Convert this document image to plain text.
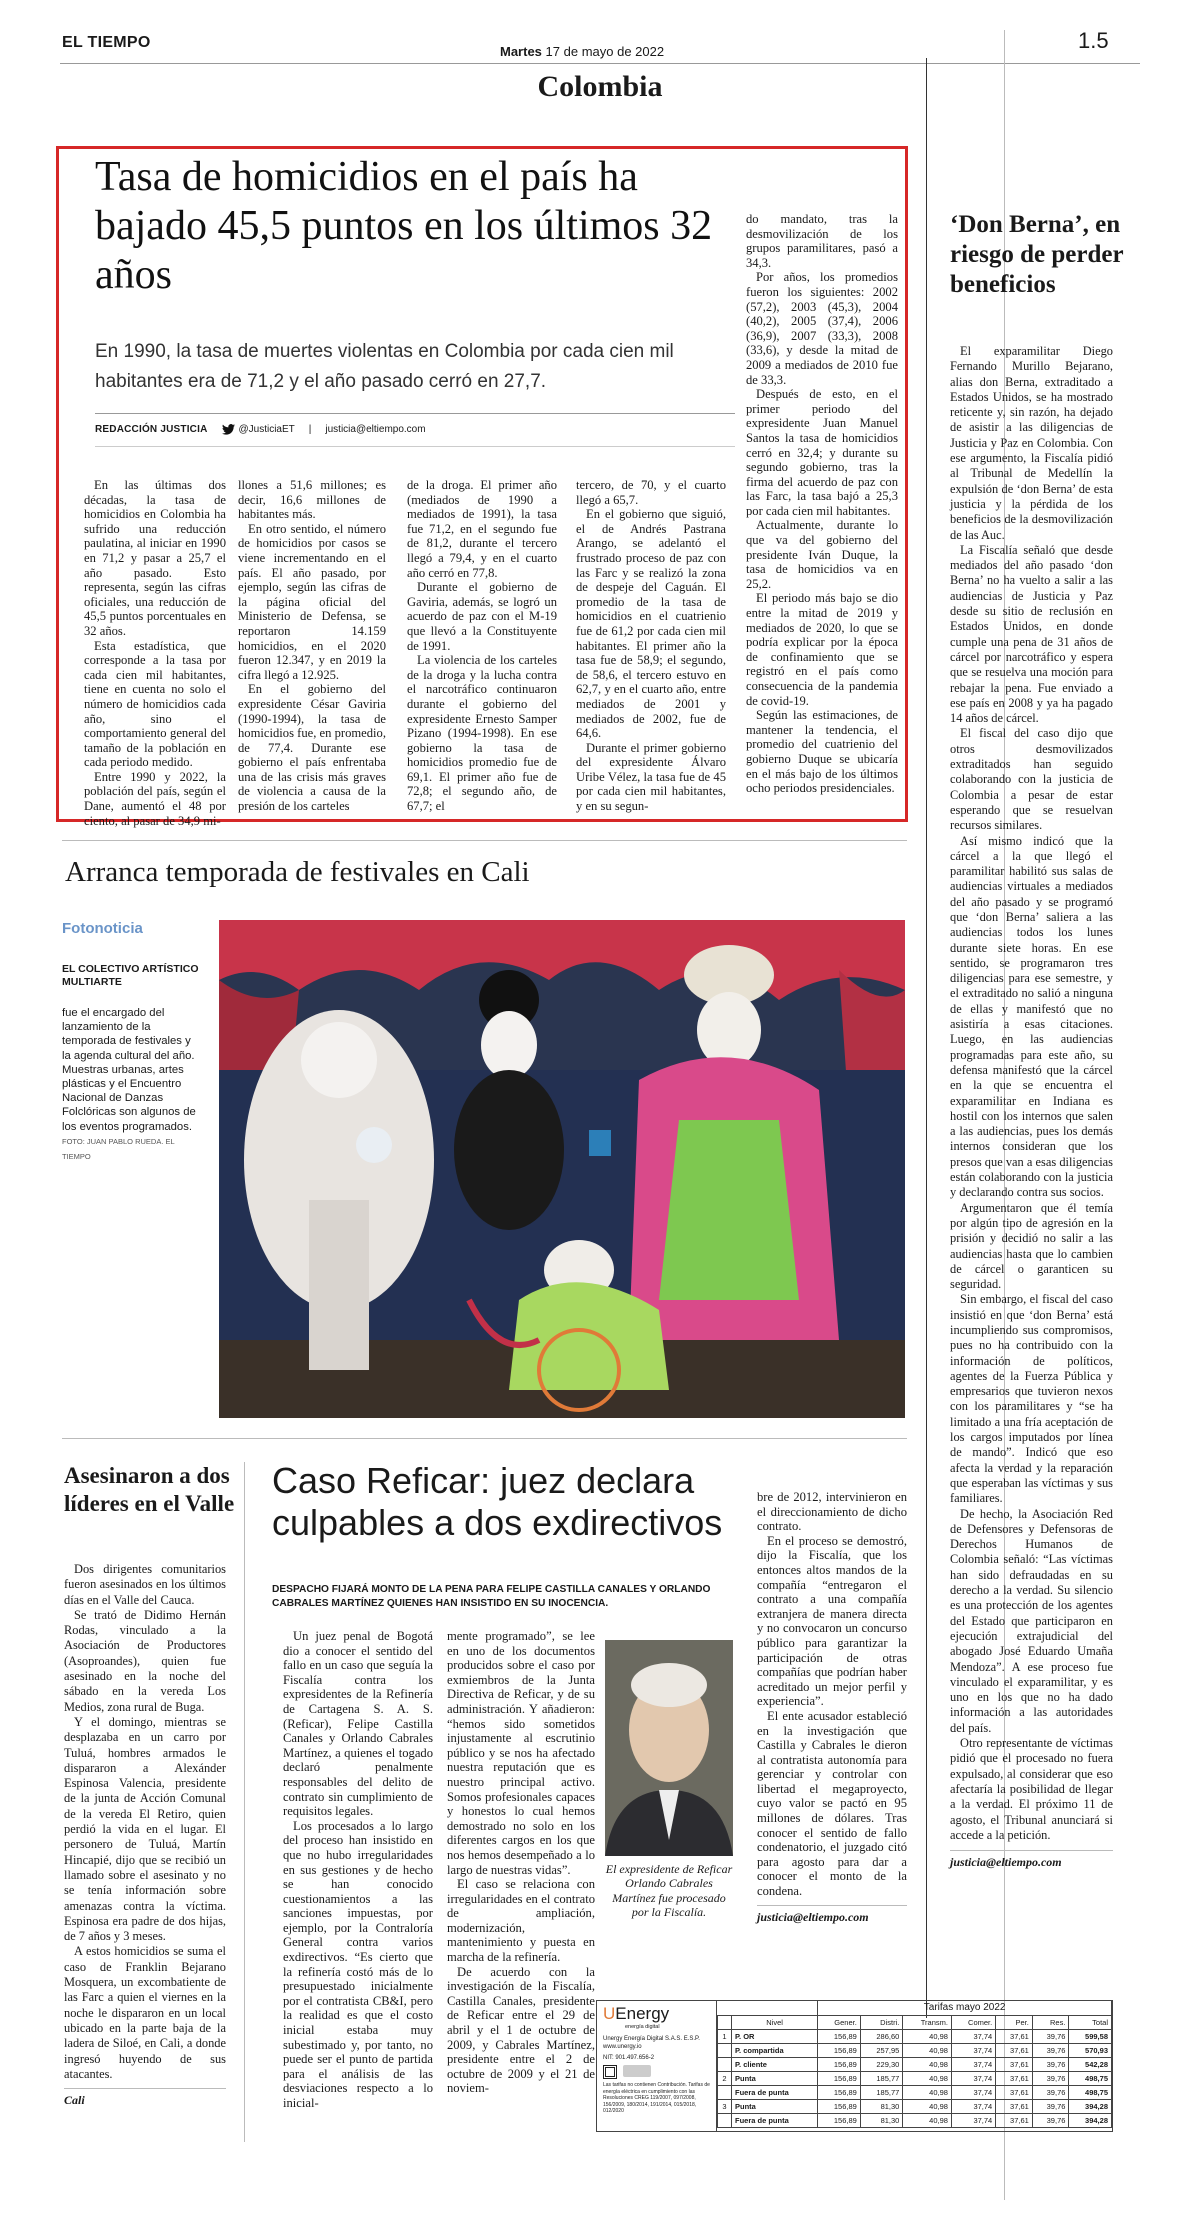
EL TIEMPO
Martes 17 de mayo de 2022
Colombia
1.5
Tasa de homicidios en el país ha bajado 45,5 puntos en los últimos 32 años
En 1990, la tasa de muertes violentas en Colombia por cada cien mil habitantes era de 71,2 y el año pasado cerró en 27,7.
REDACCIÓN JUSTICIA	@JusticiaET | justicia@eltiempo.com

En las últimas dos décadas, la tasa de homicidios en Colombia ha sufrido una reducción paulatina, al iniciar en 1990 en 71,2 y pasar a 25,7 el año pasado. Esto representa, según las cifras oficiales, una reducción de 45,5 puntos porcentuales en 32 años.

Esta estadística, que corresponde a la tasa por cada cien mil habitantes, tiene en cuenta no solo el número de homicidios cada año, sino el comportamiento general del tamaño de la población en cada periodo medido.

Entre 1990 y 2022, la población del país, según el Dane, aumentó el 48 por ciento, al pasar de 34,9 mi-

llones a 51,6 millones; es decir, 16,6 millones de habitantes más.

En otro sentido, el número de homicidios por casos se viene incrementando en el país. El año pasado, por ejemplo, según las cifras de la página oficial del Ministerio de Defensa, se reportaron 14.159 homicidios, en el 2020 fueron 12.347, y en 2019 la cifra llegó a 12.925.

En el gobierno del expresidente César Gaviria (1990-1994), la tasa de homicidios fue, en promedio, de 77,4. Durante ese gobierno el país enfrentaba una de las crisis más graves de violencia a causa de la presión de los carteles

de la droga. El primer año (mediados de 1990 a mediados de 1991), la tasa fue 71,2, en el segundo fue de 81,2, durante el tercero llegó a 79,4, y en el cuarto año cerró en 77,8.

Durante el gobierno de Gaviria, además, se logró un acuerdo de paz con el M-19 que llevó a la Constituyente de 1991.

La violencia de los carteles de la droga y la lucha contra el narcotráfico continuaron durante el gobierno del expresidente Ernesto Samper Pizano (1994-1998). En ese gobierno la tasa de homicidios promedio fue de 69,1. El primer año fue de 72,8; el segundo año, de 67,7; el

tercero, de 70, y el cuarto llegó a 65,7.

En el gobierno que siguió, el de Andrés Pastrana Arango, se adelantó el frustrado proceso de paz con las Farc y se realizó la zona de despeje del Caguán. El promedio de la tasa de homicidios en el cuatrienio fue de 61,2 por cada cien mil habitantes. El primer año la tasa fue de 58,9; el segundo, de 58,6, el tercero estuvo en 62,7, y en el cuarto año, entre mediados de 2001 y mediados de 2002, fue de 64,6.

Durante el primer gobierno del expresidente Álvaro Uribe Vélez, la tasa fue de 45 por cada cien mil habitantes, y en su segun-

do mandato, tras la desmovilización de los grupos paramilitares, pasó a 34,3.

Por años, los promedios fueron los siguientes: 2002 (57,2), 2003 (45,3), 2004 (40,2), 2005 (37,4), 2006 (36,9), 2007 (33,3), 2008 (33,6), y desde la mitad de 2009 a mediados de 2010 fue de 33,3.

Después de esto, en el primer periodo del expresidente Juan Manuel Santos la tasa de homicidios cerró en 32,4; y durante su segundo gobierno, tras la firma del acuerdo de paz con las Farc, la tasa bajó a 25,3 por cada cien mil habitantes.

Actualmente, durante lo que va del gobierno del presidente Iván Duque, la tasa de homicidios va en 25,2.

El periodo más bajo se dio entre la mitad de 2019 y mediados de 2020, lo que se podría explicar por la época de confinamiento que se registró en el país como consecuencia de la pandemia de covid-19.

Según las estimaciones, de mantener la tendencia, el promedio del cuatrienio del gobierno Duque se ubicaría en el más bajo de los últimos ocho periodos presidenciales.

‘Don Berna’, en riesgo de perder beneficios

El exparamilitar Diego Fernando Murillo Bejarano, alias don Berna, extraditado a Estados Unidos, se ha mostrado reticente y, sin razón, ha dejado de asistir a las diligencias de Justicia y Paz en Colombia. Con ese argumento, la Fiscalía pidió al Tribunal de Medellín la expulsión de ‘don Berna’ de esta justicia y la pérdida de los beneficios de la desmovilización de las Auc.

La Fiscalía señaló que desde mediados del año pasado ‘don Berna’ no ha vuelto a salir a las audiencias de Justicia y Paz desde su sitio de reclusión en Estados Unidos, en donde cumple una pena de 31 años de cárcel por narcotráfico y espera que se resuelva una moción para rebajar la pena. Fue enviado a ese país en 2008 y ya ha pagado 14 años de cárcel.

El fiscal del caso dijo que otros desmovilizados extraditados han seguido colaborando con la justicia de Colombia a pesar de estar esperando que se resuelvan recursos similares.

Así mismo indicó que la cárcel a la que llegó el paramilitar habilitó sus salas de audiencias virtuales a mediados del año pasado y se programó que ‘don Berna’ saliera a las audiencias todos los lunes durante siete horas. En ese sentido, se programaron tres diligencias para ese semestre, y el extraditado no salió a ninguna de ellas y manifestó que no asistiría a esas citaciones. Luego, en las audiencias programadas para este año, su defensa manifestó que la cárcel en la que se encuentra el exparamilitar en Indiana es hostil con los internos que salen a las audiencias, pues los demás internos consideran que los presos que van a esas diligencias están colaborando con la justicia y declarando contra sus socios.

Argumentaron que él temía por algún tipo de agresión en la prisión y decidió no salir a las audiencias hasta que lo cambien de cárcel o garanticen su seguridad.

Sin embargo, el fiscal del caso insistió en que ‘don Berna’ está incumpliendo sus compromisos, pues no ha contribuido con la información de políticos, agentes de la Fuerza Pública y empresarios que tuvieron nexos con los paramilitares y “se ha limitado a una fría aceptación de los cargos imputados por línea de mando”. Indicó que eso afecta la verdad y la reparación que esperaban las víctimas y sus familiares.

De hecho, la Asociación Red de Defensores y Defensoras de Derechos Humanos de Colombia señaló: “Las víctimas han sido defraudadas en su derecho a la verdad. Su silencio es una protección de los agentes del Estado que participaron en ejecución extrajudicial del abogado José Eduardo Umaña Mendoza”. A ese proceso fue vinculado el exparamilitar, y es uno en los que no ha dado información a las autoridades del país.

Otro representante de víctimas pidió que el procesado no fuera expulsado, al considerar que eso afectaría la posibilidad de llegar a la verdad. El próximo 11 de agosto, el Tribunal anunciará si accede a la petición.

justicia@eltiempo.com
Arranca temporada de festivales en Cali
Fotonoticia
EL COLECTIVO ARTÍSTICO MULTIARTE
fue el encargado del lanzamiento de la temporada de festivales y la agenda cultural del año. Muestras urbanas, artes plásticas y el Encuentro Nacional de Danzas Folclóricas son algunos de los eventos programados. FOTO: JUAN PABLO RUEDA. EL TIEMPO
Asesinaron a dos líderes en el Valle

Dos dirigentes comunitarios fueron asesinados en los últimos días en el Valle del Cauca.

Se trató de Didimo Hernán Rodas, vinculado a la Asociación de Productores (Asoproandes), quien fue asesinado en la noche del sábado en la vereda Los Medios, zona rural de Buga.

Y el domingo, mientras se desplazaba en un carro por Tuluá, hombres armados le dispararon a Alexánder Espinosa Valencia, presidente de la junta de Acción Comunal de la vereda El Retiro, quien perdió la vida en el lugar. El personero de Tuluá, Martín Hincapié, dijo que se recibió un llamado sobre el asesinato y no se tenía información sobre amenazas contra la víctima. Espinosa era padre de dos hijas, de 7 años y 3 meses.

A estos homicidios se suma el caso de Franklin Bejarano Mosquera, un excombatiente de las Farc a quien el viernes en la noche le dispararon en un local ubicado en la parte baja de la ladera de Siloé, en Cali, a donde ingresó huyendo de sus atacantes.

Cali
Caso Reficar: juez declara culpables a dos exdirectivos
DESPACHO FIJARÁ MONTO DE LA PENA PARA FELIPE CASTILLA CANALES Y ORLANDO CABRALES MARTÍNEZ QUIENES HAN INSISTIDO EN SU INOCENCIA.

Un juez penal de Bogotá dio a conocer el sentido del fallo en un caso que seguía la Fiscalía contra los expresidentes de la Refinería de Cartagena S. A. S. (Reficar), Felipe Castilla Canales y Orlando Cabrales Martínez, a quienes el togado declaró penalmente responsables del delito de contrato sin cumplimiento de requisitos legales.

Los procesados a lo largo del proceso han insistido en que no hubo irregularidades en sus gestiones y de hecho se han conocido cuestionamientos a las sanciones impuestas, por ejemplo, por la Contraloría General contra varios exdirectivos. “Es cierto que la refinería costó más de lo presupuestado inicialmente por el contratista CB&I, pero la realidad es que el costo inicial estaba muy subestimado y, por tanto, no puede ser el punto de partida para el análisis de las desviaciones respecto a lo inicial-

mente programado”, se lee en uno de los documentos producidos sobre el caso por exmiembros de la Junta Directiva de Reficar, y de su administración. Y añadieron: “hemos sido sometidos injustamente al escrutinio público y se nos ha afectado nuestra reputación que es nuestro principal activo. Somos profesionales capaces y honestos lo cual hemos demostrado no solo en los diferentes cargos en los que nos hemos desempeñado a lo largo de nuestras vidas”.

El caso se relaciona con irregularidades en el contrato de ampliación, modernización, mantenimiento y puesta en marcha de la refinería.

De acuerdo con la investigación de la Fiscalía, Castilla Canales, presidente de Reficar entre el 29 de abril y el 1 de octubre de 2009, y Cabrales Martínez, presidente entre el 2 de octubre de 2009 y el 21 de noviem-

El expresidente de Reficar Orlando Cabrales Martínez fue procesado por la Fiscalía.

bre de 2012, intervinieron en el direccionamiento de dicho contrato.

En el proceso se demostró, dijo la Fiscalía, que los entonces altos mandos de la compañía “entregaron el contrato a una compañía extranjera de manera directa y no convocaron un concurso público para garantizar la participación de otras compañías que podrían haber acreditado un mejor perfil y experiencia”.

El ente acusador estableció en la investigación que Castilla y Cabrales le dieron al contratista autonomía para gerenciar y controlar con libertad el megaproyecto, cuyo valor se pactó en 95 millones de dólares. Tras conocer el sentido de fallo condenatorio, el juzgado citó para agosto para dar a conocer el monto de la condena.

justicia@eltiempo.com
UEnergy
energía digital
Unergy Energía Digital S.A.S. E.S.P.
www.unergy.io
NIT: 901.497.656-2
Las tarifas no contienen Contribución. Tarifas de energía eléctrica en cumplimiento con las Resoluciones CREG 119/2007, 097/2008, 156/2009, 180/2014, 191/2014, 015/2018, 012/2020
		Tarifas mayo 2022						
	Nivel	Gener.	Distri.	Transm.	Comer.	Per.	Res.	Total
1	P. OR	156,89	286,60	40,98	37,74	37,61	39,76	599,58
	P. compartida	156,89	257,95	40,98	37,74	37,61	39,76	570,93
	P. cliente	156,89	229,30	40,98	37,74	37,61	39,76	542,28
2	Punta	156,89	185,77	40,98	37,74	37,61	39,76	498,75
	Fuera de punta	156,89	185,77	40,98	37,74	37,61	39,76	498,75
3	Punta	156,89	81,30	40,98	37,74	37,61	39,76	394,28
	Fuera de punta	156,89	81,30	40,98	37,74	37,61	39,76	394,28
